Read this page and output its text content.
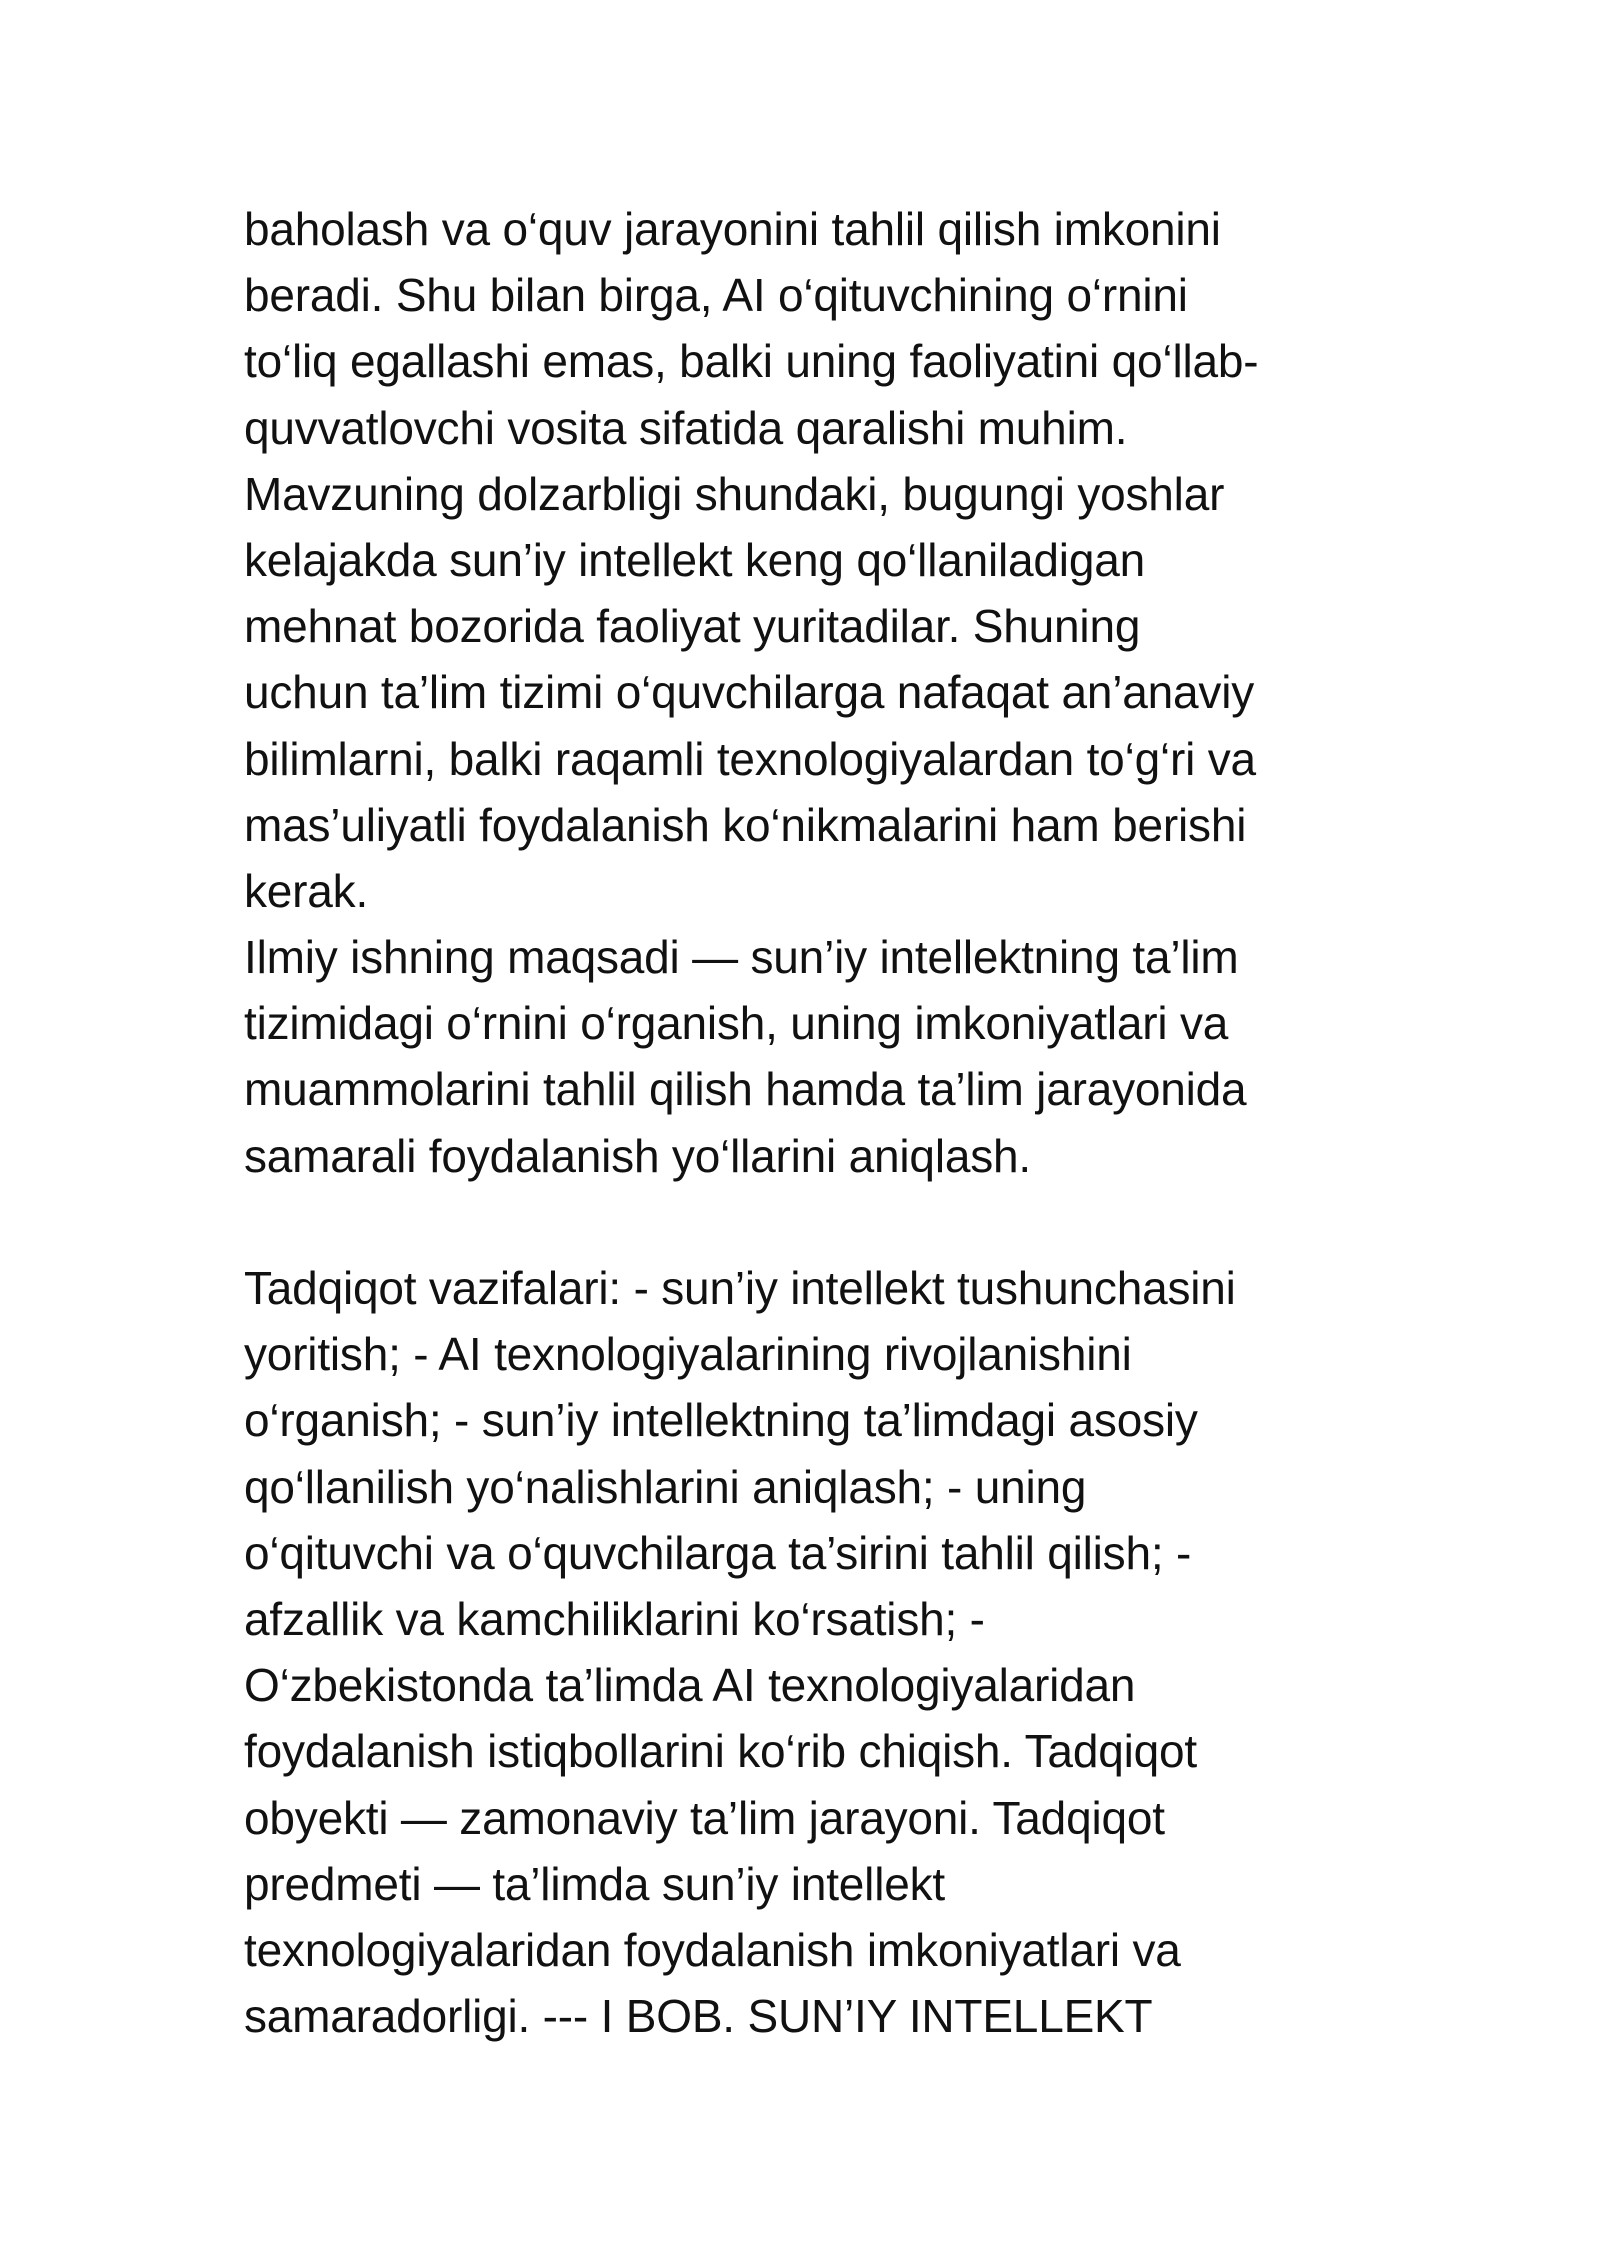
baholash va o‘quv jarayonini tahlil qilish imkonini
beradi. Shu bilan birga, AI o‘qituvchining o‘rnini
to‘liq egallashi emas, balki uning faoliyatini qo‘llab-
quvvatlovchi vosita sifatida qaralishi muhim.
Mavzuning dolzarbligi shundaki, bugungi yoshlar
kelajakda sun’iy intellekt keng qo‘llaniladigan
mehnat bozorida faoliyat yuritadilar. Shuning
uchun ta’lim tizimi o‘quvchilarga nafaqat an’anaviy
bilimlarni, balki raqamli texnologiyalardan to‘g‘ri va
mas’uliyatli foydalanish ko‘nikmalarini ham berishi
kerak.
Ilmiy ishning maqsadi — sun’iy intellektning ta’lim
tizimidagi o‘rnini o‘rganish, uning imkoniyatlari va
muammolarini tahlil qilish hamda ta’lim jarayonida
samarali foydalanish yo‘llarini aniqlash.
Tadqiqot vazifalari: - sun’iy intellekt tushunchasini
yoritish; - AI texnologiyalarining rivojlanishini
o‘rganish; - sun’iy intellektning ta’limdagi asosiy
qo‘llanilish yo‘nalishlarini aniqlash; - uning
o‘qituvchi va o‘quvchilarga ta’sirini tahlil qilish; -
afzallik va kamchiliklarini ko‘rsatish; -
O‘zbekistonda ta’limda AI texnologiyalaridan
foydalanish istiqbollarini ko‘rib chiqish. Tadqiqot
obyekti — zamonaviy ta’lim jarayoni. Tadqiqot
predmeti — ta’limda sun’iy intellekt
texnologiyalaridan foydalanish imkoniyatlari va
samaradorligi. --- I BOB. SUN’IY INTELLEKT
